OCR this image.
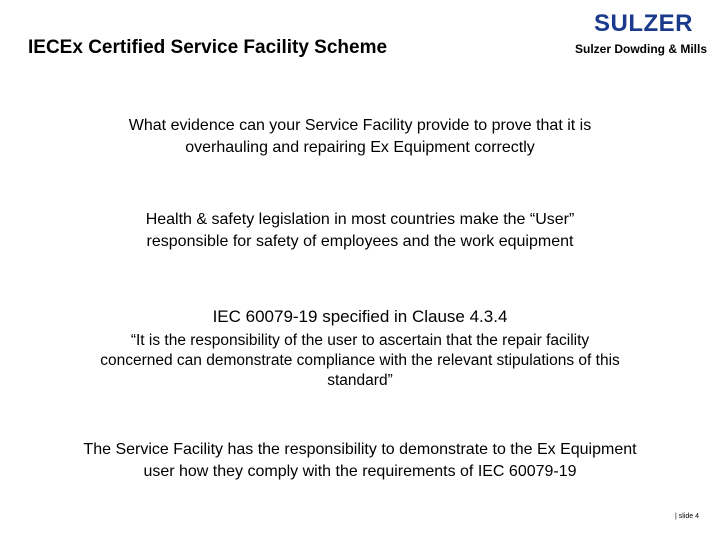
IECEx Certified Service Facility Scheme
SULZER
Sulzer Dowding & Mills

What evidence can your Service Facility provide to prove that it is

overhauling and repairing Ex Equipment correctly

Health & safety legislation in most countries make the “User”

responsible for safety of employees and the work equipment

IEC 60079-19 specified in Clause 4.3.4

“It is the responsibility of the user to ascertain that the repair facility

concerned can demonstrate compliance with the relevant stipulations of this

standard”

The Service Facility has the responsibility to demonstrate to the Ex Equipment

user how they comply with the requirements of IEC 60079-19

| slide 4
